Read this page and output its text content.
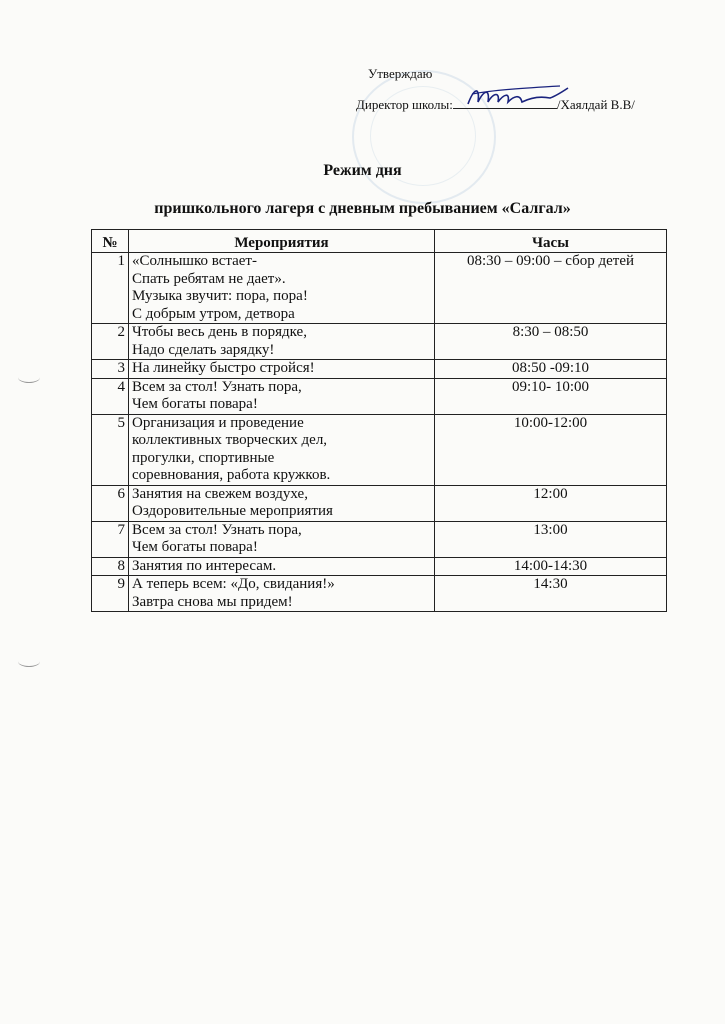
Утверждаю
Директор школы:	/Хаялдай В.В/
Режим дня
пришкольного лагеря с дневным пребыванием «Салгал»
№	Мероприятия	Часы
1	«Солнышко встает-
Спать ребятам не дает».
Музыка звучит: пора, пора!
С добрым утром, детвора	08:30 – 09:00 – сбор детей
2	Чтобы весь день в порядке,
Надо сделать зарядку!	8:30 – 08:50
3	На линейку быстро стройся!	08:50 -09:10
4	Всем за стол! Узнать пора,
Чем богаты повара!	09:10- 10:00
5	Организация и проведение
коллективных творческих дел,
прогулки, спортивные
соревнования, работа кружков.	10:00-12:00
6	Занятия на свежем воздухе,
Оздоровительные мероприятия	12:00
7	Всем за стол! Узнать пора,
Чем богаты повара!	13:00
8	Занятия по интересам.	14:00-14:30
9	А теперь всем: «До, свидания!»
Завтра снова мы придем!	14:30
